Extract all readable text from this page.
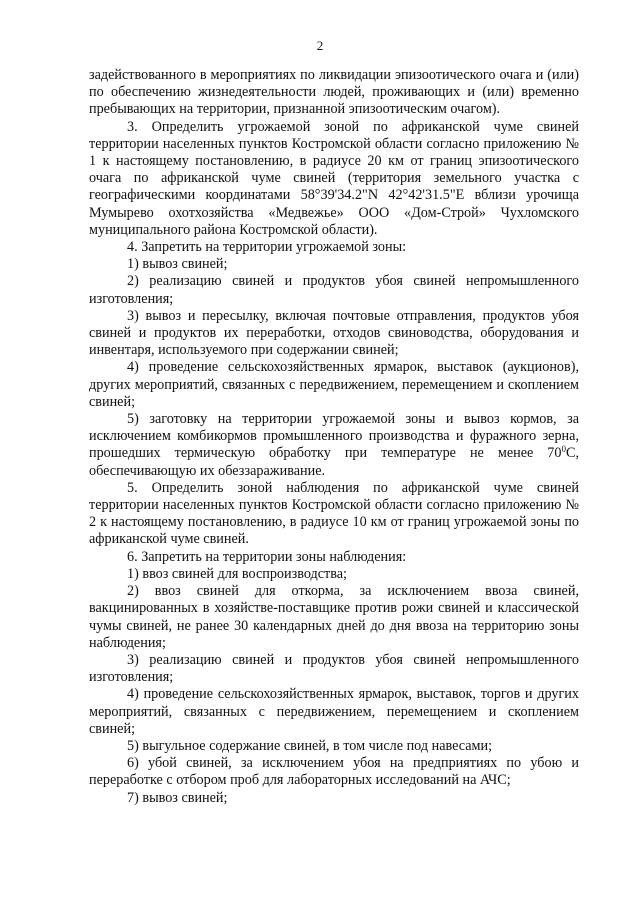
2

задействованного в мероприятиях по ликвидации эпизоотического очага и (или) по обеспечению жизнедеятельности людей, проживающих и (или) временно пребывающих на территории, признанной эпизоотическим очагом).

3. Определить угрожаемой зоной по африканской чуме свиней территории населенных пунктов Костромской области согласно приложению № 1 к настоящему постановлению, в радиусе 20 км от границ эпизоотического очага по африканской чуме свиней (территория земельного участка с географическими координатами 58°39'34.2"N 42°42'31.5"E вблизи урочища Мумырево охотхозяйства «Медвежье» ООО «Дом-Строй» Чухломского муниципального района Костромской области).

4. Запретить на территории угрожаемой зоны:

1) вывоз свиней;

2) реализацию свиней и продуктов убоя свиней непромышленного изготовления;

3) вывоз и пересылку, включая почтовые отправления, продуктов убоя свиней и продуктов их переработки, отходов свиноводства, оборудования и инвентаря, используемого при содержании свиней;

4) проведение сельскохозяйственных ярмарок, выставок (аукционов), других мероприятий, связанных с передвижением, перемещением и скоплением свиней;

5) заготовку на территории угрожаемой зоны и вывоз кормов, за исключением комбикормов промышленного производства и фуражного зерна, прошедших термическую обработку при температуре не менее $70^0С$, обеспечивающую их обеззараживание.

5. Определить зоной наблюдения по африканской чуме свиней территории населенных пунктов Костромской области согласно приложению № 2 к настоящему постановлению, в радиусе 10 км от границ угрожаемой зоны по африканской чуме свиней.

6. Запретить на территории зоны наблюдения:

1) ввоз свиней для воспроизводства;

2) ввоз свиней для откорма, за исключением ввоза свиней, вакцинированных в хозяйстве-поставщике против рожи свиней и классической чумы свиней, не ранее 30 календарных дней до дня ввоза на территорию зоны наблюдения;

3) реализацию свиней и продуктов убоя свиней непромышленного изготовления;

4) проведение сельскохозяйственных ярмарок, выставок, торгов и других мероприятий, связанных с передвижением, перемещением и скоплением свиней;

5) выгульное содержание свиней, в том числе под навесами;

6) убой свиней, за исключением убоя на предприятиях по убою и переработке с отбором проб для лабораторных исследований на АЧС;

7) вывоз свиней;
